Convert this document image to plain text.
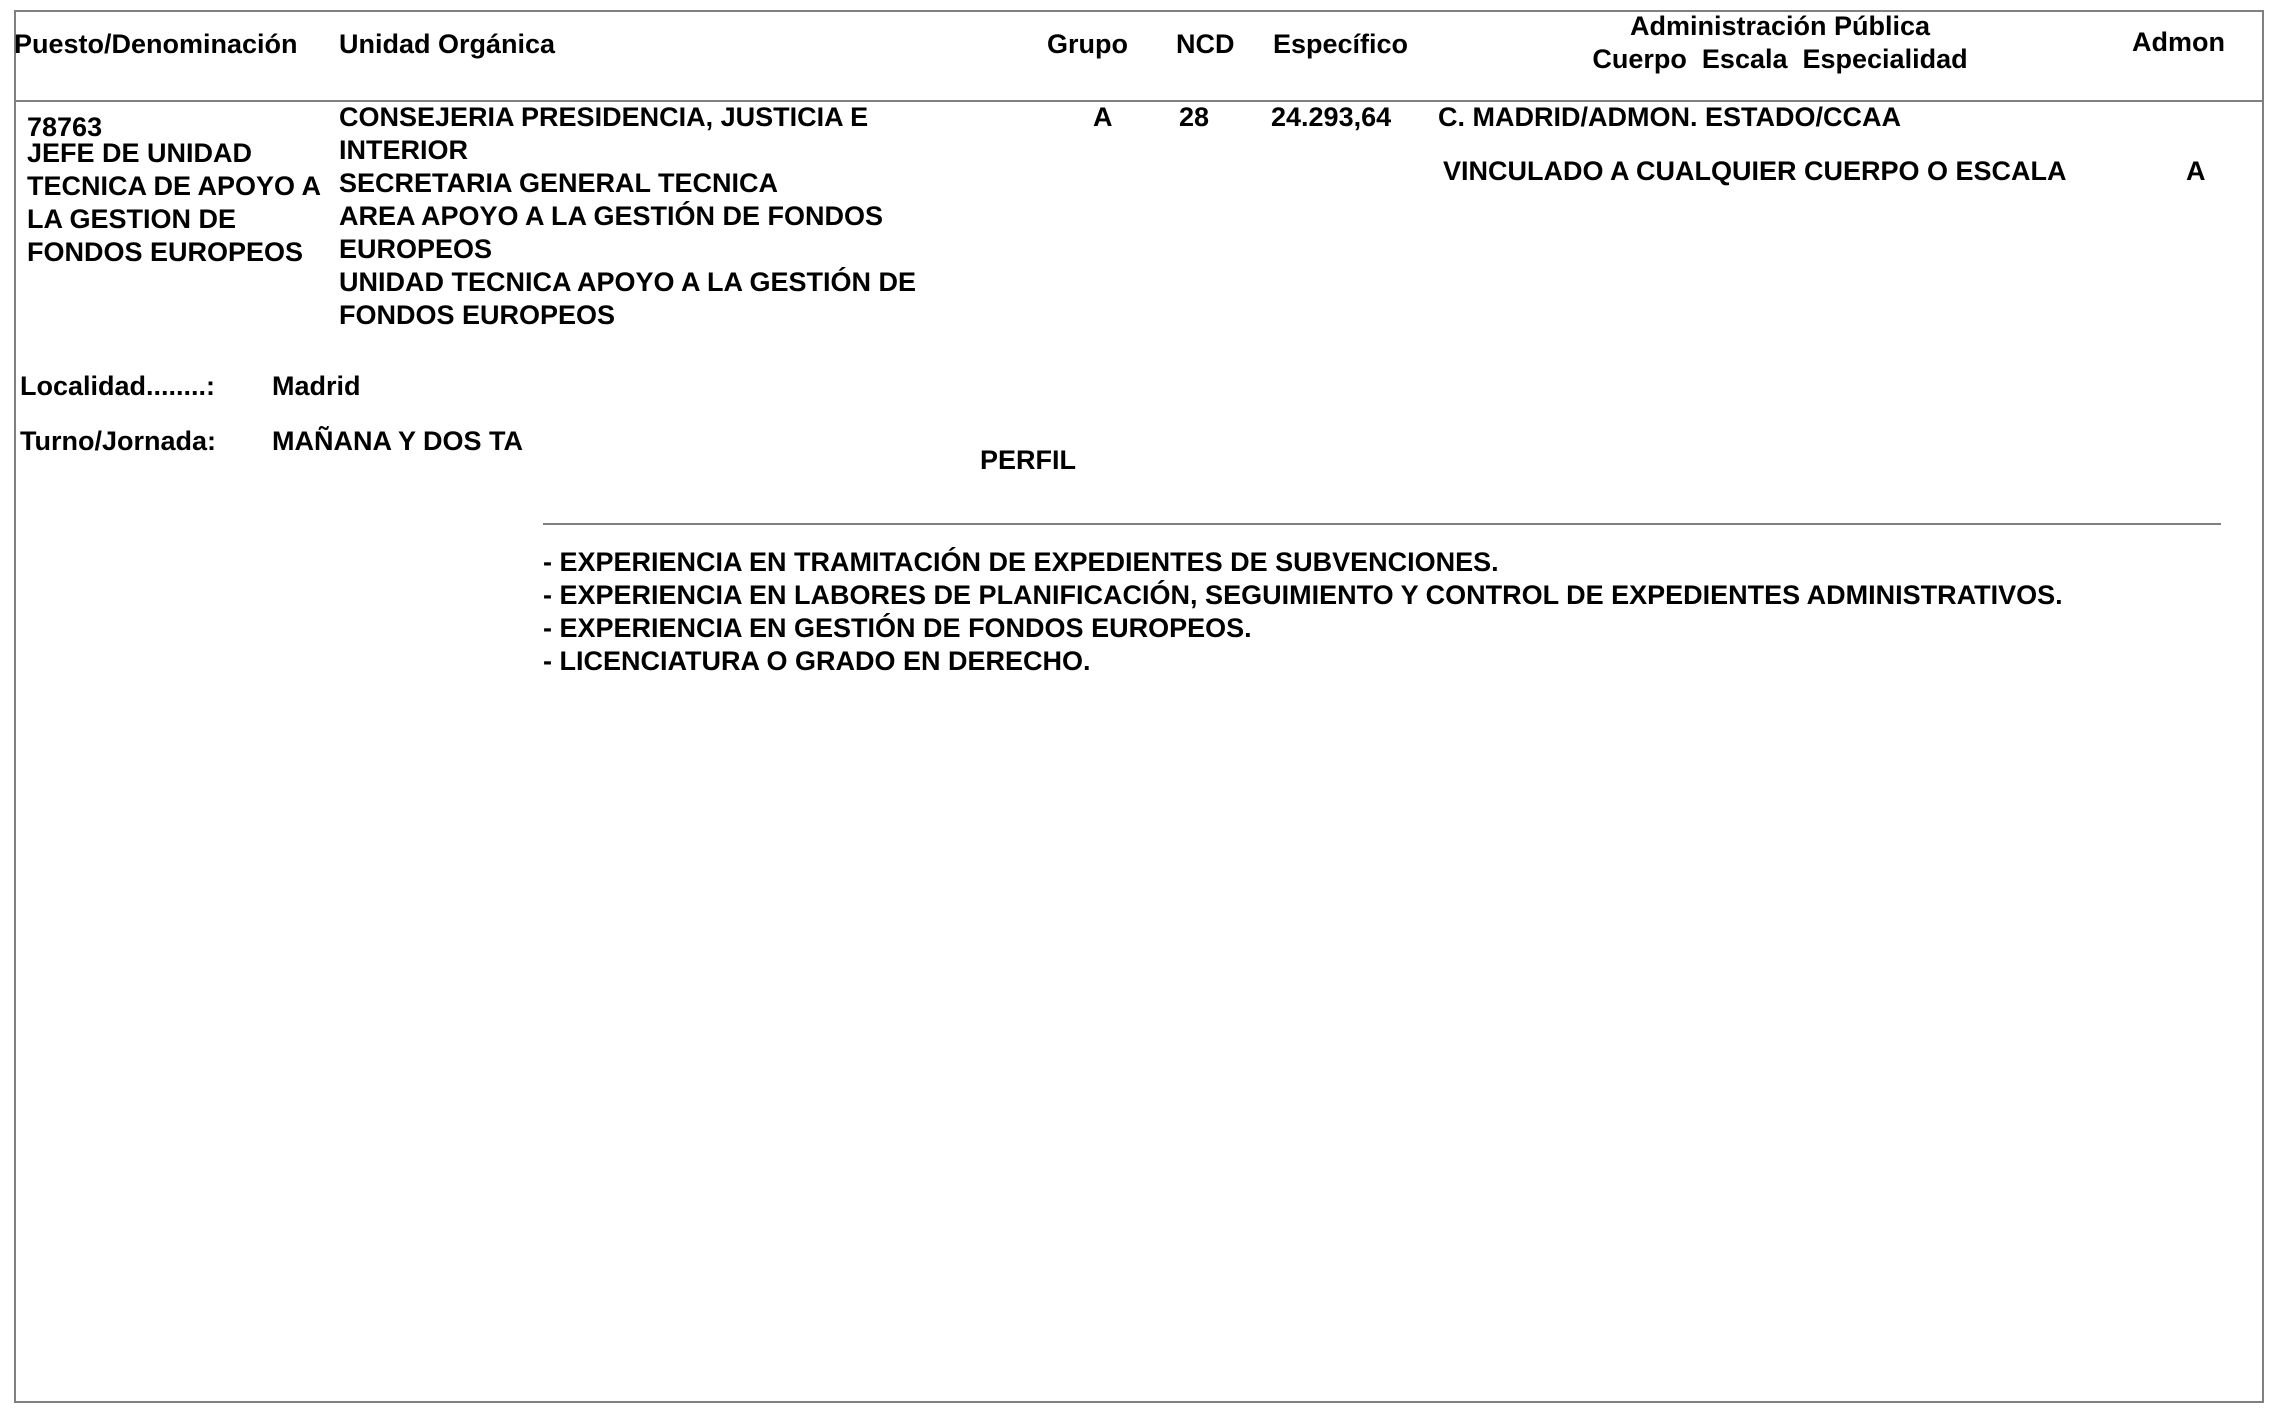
Puesto/Denominación Unidad Orgánica	Grupo NCD Específico
Administración Pública
Cuerpo  Escala  Especialidad
Admon
78763
JEFE DE UNIDAD
TECNICA DE APOYO A
LA GESTION DE
FONDOS EUROPEOS
CONSEJERIA PRESIDENCIA, JUSTICIA E
INTERIOR
SECRETARIA GENERAL TECNICA
AREA APOYO A LA GESTIÓN DE FONDOS
EUROPEOS
UNIDAD TECNICA APOYO A LA GESTIÓN DE
FONDOS EUROPEOS
A 28 24.293,64 C. MADRID/ADMON. ESTADO/CCAA
VINCULADO A CUALQUIER CUERPO O ESCALA	A
Localidad........: Madrid
Turno/Jornada: MAÑANA Y DOS TA
PERFIL
- EXPERIENCIA EN TRAMITACIÓN DE EXPEDIENTES DE SUBVENCIONES.
- EXPERIENCIA EN LABORES DE PLANIFICACIÓN, SEGUIMIENTO Y CONTROL DE EXPEDIENTES ADMINISTRATIVOS.
- EXPERIENCIA EN GESTIÓN DE FONDOS EUROPEOS.
- LICENCIATURA O GRADO EN DERECHO.
